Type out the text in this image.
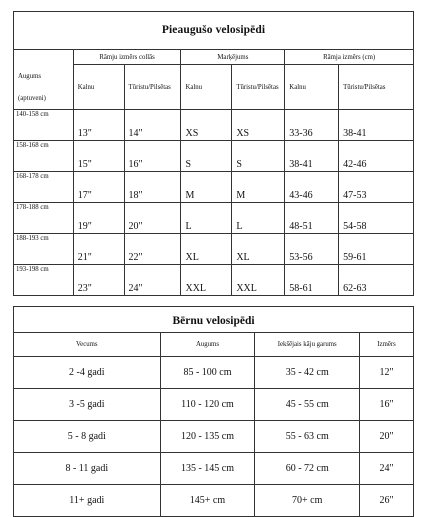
Pieaugušo velosipēdi						

Augums
(aptuveni)	Rāmju izmērs collās		Marķējums		Rāmja izmērs (cm)	

	Kalnu	Tūristu/Pilsētas	Kalnu	Tūristu/Pilsētas	Kalnu	Tūristu/Pilsētas

140-158 cm	13"	14"	XS	XS	33-36	38-41

158-168 cm	15"	16"	S	S	38-41	42-46

168-178 cm	17"	18"	M	M	43-46	47-53

178-188 cm	19"	20"	L	L	48-51	54-58

188-193 cm	21"	22"	XL	XL	53-56	59-61

193-198 cm	23"	24"	XXL	XXL	58-61	62-63
Bērnu velosipēdi			
Vecums	Augums	Iekšējais kāju garums	Izmērs
2 -4 gadi	85 - 100 cm	35 - 42 cm	12"
3 -5 gadi	110 - 120 cm	45 - 55 cm	16"
5 - 8 gadi	120 - 135 cm	55 - 63 cm	20"
8 - 11 gadi	135 - 145 cm	60 - 72 cm	24"
11+ gadi	145+ cm	70+ cm	26"
